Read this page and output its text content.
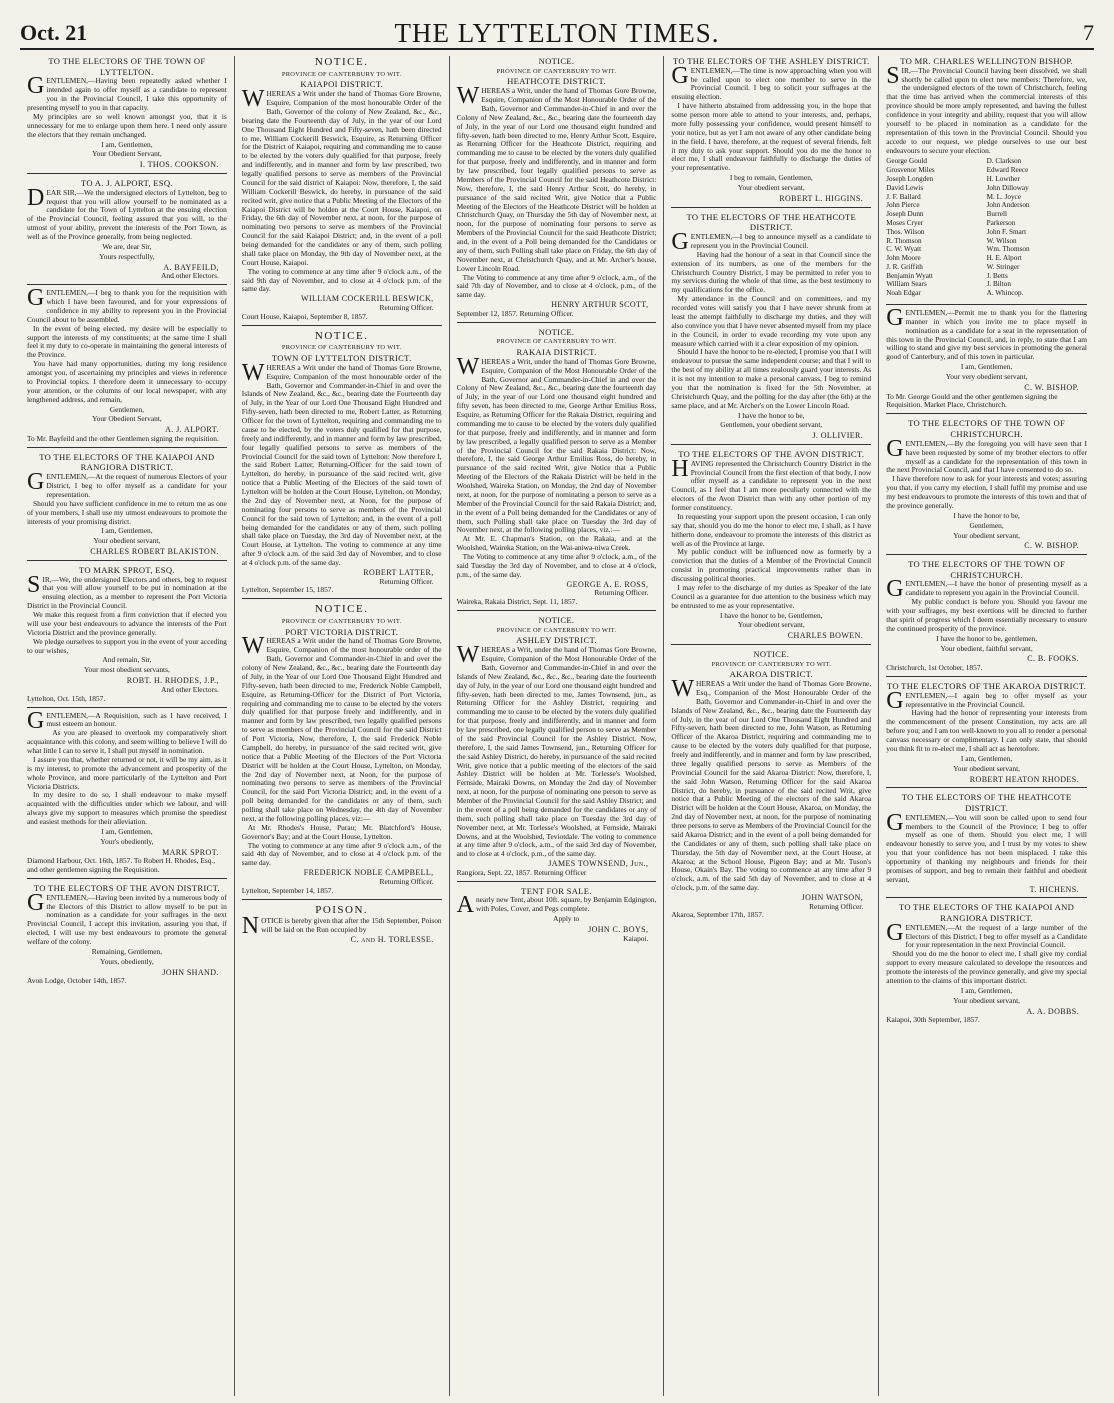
Oct. 21	THE LYTTELTON TIMES.	7
TO THE ELECTORS OF THE TOWN OF LYTTELTON.

GENTLEMEN,—Having been repeatedly asked whether I intended again to offer myself as a candidate to represent you in the Provincial Council, I take this opportunity of presenting myself to you in that capacity.

My principles are so well known amongst you, that it is unnecessary for me to enlarge upon them here. I need only assure the electors that they remain unchanged.

I am, Gentlemen,
Your Obedient Servant,
I. THOS. COOKSON.
TO A. J. ALPORT, ESQ.

DEAR SIR,—We the undersigned electors of Lyttelton, beg to request that you will allow yourself to be nominated as a candidate for the Town of Lyttelton at the ensuing election of the Provincial Council, feeling assured that you will, to the utmost of your ability, prevent the interests of the Port Town, as well as of the Province generally, from being neglected.

We are, dear Sir,
Yours respectfully,
A. BAYFEILD,
And other Electors.

GENTLEMEN,—I beg to thank you for the requisition with which I have been favoured, and for your expressions of confidence in my ability to represent you in the Provincial Council about to be assembled.

In the event of being elected, my desire will be especially to support the interests of my constituents; at the same time I shall feel it my duty to co-operate in maintaining the general interests of the Province.

You have had many opportunities, during my long residence amongst you, of ascertaining my principles and views in reference to Provincial topics. I therefore deem it unnecessary to occupy your attention, or the columns of our local newspaper, with any lengthened address, and remain,

Gentlemen,
Your Obedient Servant,
A. J. ALPORT.
To Mr. Bayfeild and the other Gentlemen signing the requisition.
TO THE ELECTORS OF THE KAIAPOI AND RANGIORA DISTRICT.

GENTLEMEN,—At the request of numerous Electors of your District, I beg to offer myself as a candidate for your representation.

Should you have sufficient confidence in me to return me as one of your members, I shall use my utmost endeavours to promote the interests of your promising district.

I am, Gentlemen,
Your obedient servant,
CHARLES ROBERT BLAKISTON.
TO MARK SPROT, ESQ.

SIR,—We, the undersigned Electors and others, beg to request that you will allow yourself to be put in nomination at the ensuing election, as a member to represent the Port Victoria District in the Provincial Council.

We make this request from a firm conviction that if elected you will use your best endeavours to advance the interests of the Port Victoria District and the province generally.

We pledge ourselves to support you in the event of your acceding to our wishes,

And remain, Sir,
Your most obedient servants,
ROBT. H. RHODES, J.P.,
And other Electors.
Lyttelton, Oct. 15th, 1857.

GENTLEMEN,—A Requisition, such as I have received, I must esteem an honour.

As you are pleased to overlook my comparatively short acquaintance with this colony, and seem willing to believe I will do what little I can to serve it, I shall put myself in nomination.

I assure you that, whether returned or not, it will be my aim, as it is my interest, to promote the advancement and prosperity of the whole Province, and more particularly of the Lyttelton and Port Victoria Districts.

In my desire to do so, I shall endeavour to make myself acquainted with the difficulties under which we labour, and will always give my support to measures which promise the speediest and easiest methods for their alleviation.

I am, Gentlemen,
Your's obediently,
MARK SPROT.
Diamond Harbour, Oct. 16th, 1857. To Robert H. Rhodes, Esq., and other gentlemen signing the Requisition.
TO THE ELECTORS OF THE AVON DISTRICT.

GENTLEMEN,—Having been invited by a numerous body of the Electors of this District to allow myself to be put in nomination as a candidate for your suffrages in the next Provincial Council, I accept this invitation, assuring you that, if elected, I will use my best endeavours to promote the general welfare of the colony.

Remaining, Gentlemen,
Yours, obediently,
JOHN SHAND.
Avon Lodge, October 14th, 1857.
NOTICE.
PROVINCE OF CANTERBURY TO WIT.
KAIAPOI DISTRICT.

WHEREAS a Writ under the hand of Thomas Gore Browne, Esquire, Companion of the most honourable Order of the Bath, Governor of the colony of New Zealand, &c., &c., bearing date the Fourteenth day of July, in the year of our Lord One Thousand Eight Hundred and Fifty-seven, hath been directed to me, William Cockerill Beswick, Esquire, as Returning Officer for the District of Kaiapoi, requiring and commanding me to cause to be elected by the voters duly qualified for that purpose, freely and indifferently, and in manner and form by law prescribed, two legally qualified persons to serve as members of the Provincial Council for the said district of Kaiapoi: Now, therefore, I, the said William Cockerill Beswick, do hereby, in pursuance of the said recited writ, give notice that a Public Meeting of the Electors of the Kaiapoi District will be holden at the Court House, Kaiapoi, on Friday, the 6th day of November next, at noon, for the purpose of nominating two persons to serve as members of the Provincial Council for the said Kaiapoi District; and, in the event of a poll being demanded for the candidates or any of them, such polling shall take place on Monday, the 9th day of November next, at the Court House, Kaiapoi.

The voting to commence at any time after 9 o'clock a.m., of the said 9th day of November, and to close at 4 o'clock p.m. of the same day.

WILLIAM COCKERILL BESWICK,
Returning Officer.
Court House, Kaiapoi, September 8, 1857.
NOTICE.
PROVINCE OF CANTERBURY TO WIT.
TOWN OF LYTTELTON DISTRICT.

WHEREAS a Writ under the hand of Thomas Gore Browne, Esquire, Companion of the most honourable order of the Bath, Governor and Commander-in-Chief in and over the Islands of New Zealand, &c., &c., bearing date the Fourteenth day of July, in the Year of our Lord One Thousand Eight Hundred and Fifty-seven, hath been directed to me, Robert Latter, as Returning Officer for the town of Lyttelton, requiring and commanding me to cause to be elected, by the voters duly qualified for that purpose, freely and indifferently, and in manner and form by law prescribed, four legally qualified persons to serve as members of the Provincial Council for the said town of Lyttelton: Now therefore I, the said Robert Latter, Returning-Officer for the said town of Lyttelton, do hereby, in pursuance of the said recited writ, give notice that a Public Meeting of the Electors of the said town of Lyttelton will be holden at the Court House, Lyttelton, on Monday, the 2nd day of November next, at Noon, for the purpose of nominating four persons to serve as members of the Provincial Council for the said town of Lyttelton; and, in the event of a poll being demanded for the candidates or any of them, such polling shall take place on Tuesday, the 3rd day of November next, at the Court House, at Lyttelton. The voting to commence at any time after 9 o'clock a.m. of the said 3rd day of November, and to close at 4 o'clock p.m. of the same day.

ROBERT LATTER,
Returning Officer.
Lyttelton, September 15, 1857.
NOTICE.
PROVINCE OF CANTERBURY TO WIT.
PORT VICTORIA DISTRICT.

WHEREAS a Writ under the hand of Thomas Gore Browne, Esquire, Companion of the most honourable order of the Bath, Governor and Commander-in-Chief in and over the colony of New Zealand, &c., &c., bearing date the Fourteenth day of July, in the Year of our Lord One Thousand Eight Hundred and Fifty-seven, hath been directed to me, Frederick Noble Campbell, Esquire, as Returning-Officer for the District of Port Victoria, requiring and commanding me to cause to be elected by the voters duly qualified for that purpose freely and indifferently, and in manner and form by law prescribed, two legally qualified persons to serve as members of the Provincial Council for the said District of Port Victoria, Now, therefore, I, the said Frederick Noble Campbell, do hereby, in pursuance of the said recited writ, give notice that a Public Meeting of the Electors of the Port Victoria District will be holden at the Court House, Lyttelton, on Monday, the 2nd day of November next, at Noon, for the purpose of nominating two persons to serve as members of the Provincial Council, for the said Port Victoria District; and, in the event of a poll being demanded for the candidates or any of them, such polling shall take place on Wednesday, the 4th day of November next, at the following polling places, viz:—

At Mr. Rhodes's House, Purau; Mr. Blatchford's House, Governor's Bay; and at the Court House, Lyttelton.

The voting to commence at any time after 9 o'clock a.m., of the said 4th day of November, and to close at 4 o'clock p.m. of the same day.

FREDERICK NOBLE CAMPBELL,
Returning Officer.
Lyttelton, September 14, 1857.
POISON.

NOTICE is hereby given that after the 15th September, Poison will be laid on the Run occupied by

C. and H. TORLESSE.
NOTICE.
PROVINCE OF CANTERBURY TO WIT.
HEATHCOTE DISTRICT.

WHEREAS a Writ, under the hand of Thomas Gore Browne, Esquire, Companion of the Most Honourable Order of the Bath, Governor and Commander-in-Chief in and over the Colony of New Zealand, &c., &c., bearing date the fourteenth day of July, in the year of our Lord one thousand eight hundred and fifty-seven, hath been directed to me, Henry Arthur Scott, Esquire, as Returning Officer for the Heathcote District, requiring and commanding me to cause to be elected by the voters duly qualified for that purpose, freely and indifferently, and in manner and form by law prescribed, four legally qualified persons to serve as Members of the Provincial Council for the said Heathcote District: Now, therefore, I, the said Henry Arthur Scott, do hereby, in pursuance of the said recited Writ, give Notice that a Public Meeting of the Electors of the Heathcote District will be holden at Christchurch Quay, on Thursday the 5th day of November next, at noon, for the purpose of nominating four persons to serve as Members of the Provincial Council for the said Heathcote District; and, in the event of a Poll being demanded for the Candidates or any of them, such Polling shall take place on Friday, the 6th day of November next, at Christchurch Quay, and at Mr. Archer's house, Lower Lincoln Road.

The Voting to commence at any time after 9 o'clock, a.m., of the said 7th day of November, and to close at 4 o'clock, p.m., of the same day.

HENRY ARTHUR SCOTT,
September 12, 1857. Returning Officer.
NOTICE.
PROVINCE OF CANTERBURY TO WIT.
RAKAIA DISTRICT.

WHEREAS a Writ, under the hand of Thomas Gore Browne, Esquire, Companion of the Most Honourable Order of the Bath, Governor and Commander-in-Chief in and over the Colony of New Zealand, &c., &c., bearing date the fourteenth day of July, in the year of our Lord one thousand eight hundred and fifty seven, has been directed to me, George Arthur Emilius Ross, Esquire, as Returning Officer for the Rakaia District, requiring and commanding me to cause to be elected by the voters duly qualified for that purpose, freely and indifferently, and in manner and form by law prescribed, a legally qualified person to serve as a Member of the Provincial Council for the said Rakaia District: Now, therefore, I, the said George Arthur Emilius Ross, do hereby, in pursuance of the said recited Writ, give Notice that a Public Meeting of the Electors of the Rakaia District will be held in the Woolshed, Waireka Station, on Monday, the 2nd day of November next, at noon, for the purpose of nominating a person to serve as a Member of the Provincial Council for the said Rakaia District; and, in the event of a Poll being demanded for the Candidates or any of them, such Polling shall take place on Tuesday the 3rd day of November next, at the following polling places, viz.:—

At Mr. E. Chapman's Station, on the Rakaia, and at the Woolshed, Waireka Station, on the Wai-aniwa-niwa Creek.

The Voting to commence at any time after 9 o'clock, a.m., of the said Tuesday the 3rd day of November, and to close at 4 o'clock, p.m., of the same day.

GEORGE A. E. ROSS,
Returning Officer.
Waireka, Rakaia District, Sept. 11, 1857.
NOTICE.
PROVINCE OF CANTERBURY TO WIT.
ASHLEY DISTRICT.

WHEREAS a Writ, under the hand of Thomas Gore Browne, Esquire, Companion of the Most Honourable Order of the Bath, Governor and Commander-in-Chief in and over the Islands of New Zealand, &c., &c., &c., bearing date the fourteenth day of July, in the year of our Lord one thousand eight hundred and fifty-seven, hath been directed to me, James Townsend, jun., as Returning Officer for the Ashley District, requiring and commanding me to cause to be elected by the voters duly qualified for that purpose, freely and indifferently, and in manner and form by law prescribed, one legally qualified person to serve as Member of the said Provincial Council for the Ashley District. Now, therefore, I, the said James Townsend, jun., Returning Officer for the said Ashley District, do hereby, in pursuance of the said recited Writ, give notice that a public meeting of the electors of the said Ashley District will be holden at Mr. Torlesse's Woolshed, Fernside, Mairaki Downs, on Monday the 2nd day of November next, at noon, for the purpose of nominating one person to serve as Member of the Provincial Council for the said Ashley District; and in the event of a poll being demanded for the candidates or any of them, such polling shall take place on Tuesday the 3rd day of November next, at Mr. Torlesse's Woolshed, at Fernside, Mairaki Downs, and at the Woolshed, Teviotdale. The voting to commence at any time after 9 o'clock, a.m., of the said 3rd day of November, and to close at 4 o'clock, p.m., of the same day.

JAMES TOWNSEND, Jun.,
Rangiora, Sept. 22, 1857. Returning Officer
TENT FOR SALE.

Anearly new Tent, about 10ft. square, by Benjamin Edgington, with Poles, Cover, and Pegs complete.

Apply to
JOHN C. BOYS,
Kaiapoi.
TO THE ELECTORS OF THE ASHLEY DISTRICT.

GENTLEMEN,—The time is now approaching when you will be called upon to elect one member to serve in the Provincial Council. I beg to solicit your suffrages at the ensuing election.

I have hitherto abstained from addressing you, in the hope that some person more able to attend to your interests, and, perhaps, more fully possessing your confidence, would present himself to your notice, but as yet I am not aware of any other candidate being in the field. I have, therefore, at the request of several friends, felt it my duty to ask your support. Should you do me the honor to elect me, I shall endeavour faithfully to discharge the duties of your representative.

I beg to remain, Gentlemen,
Your obedient servant,
ROBERT L. HIGGINS.
TO THE ELECTORS OF THE HEATHCOTE DISTRICT.

GENTLEMEN,—I beg to announce myself as a candidate to represent you in the Provincial Council.

Having had the honour of a seat in that Council since the extension of its numbers, as one of the members for the Christchurch Country District, I may be permitted to refer you to my services during the whole of that time, as the best testimony to my qualifications for the office.

My attendance in the Council and on committees, and my recorded votes will satisfy you that I have never shrunk from at least the attempt faithfully to discharge my duties, and they will also convince you that I have never absented myself from my place in the Council, in order to evade recording my vote upon any measure which carried with it a clear exposition of my opinion.

Should I have the honor to be re-elected, I promise you that I will endeavour to pursue the same independent course; and that I will to the best of my ability at all times zealously guard your interests. As it is not my intention to make a personal canvass, I beg to remind you that the nomination is fixed for the 5th November, at Christchurch Quay, and the polling for the day after (the 6th) at the same place, and at Mr. Archer's on the Lower Lincoln Road.

I have the honor to be,
Gentlemen, your obedient servant,
J. OLLIVIER.
TO THE ELECTORS OF THE AVON DISTRICT.

HAVING represented the Christchurch Country District in the Provincial Council from the first election of that body, I now offer myself as a candidate to represent you in the next Council, as I feel that I am more peculiarly connected with the electors of the Avon District than with any other portion of my former constituency.

In requesting your support upon the present occasion, I can only say that, should you do me the honor to elect me, I shall, as I have hitherto done, endeavour to promote the interests of this district as well as of the Province at large.

My public conduct will be influenced now as formerly by a conviction that the duties of a Member of the Provincial Council consist in promoting practical improvements rather than in discussing political theories.

I may refer to the discharge of my duties as Speaker of the late Council as a guarantee for due attention to the business which may be entrusted to me as your representative.

I have the honor to be, Gentlemen,
Your obedient servant,
CHARLES BOWEN.
NOTICE.
PROVINCE OF CANTERBURY TO WIT.
AKAROA DISTRICT.

WHEREAS a Writ under the hand of Thomas Gore Browne, Esq., Companion of the Most Honourable Order of the Bath, Governor and Commander-in-Chief in and over the Islands of New Zealand, &c., &c., bearing date the Fourteenth day of July, in the year of our Lord One Thousand Eight Hundred and Fifty-seven, hath been directed to me, John Watson, as Returning Officer of the Akaroa District, requiring and commanding me to cause to be elected by the voters duly qualified for that purpose, freely and indifferently, and in manner and form by law prescribed, three legally qualified persons to serve as Members of the Provincial Council for the said Akaroa District: Now, therefore, I, the said John Watson, Returning Officer for the said Akaroa District, do hereby, in pursuance of the said recited Writ, give notice that a Public Meeting of the electors of the said Akaroa District will be holden at the Court House, Akaroa, on Monday, the 2nd day of November next, at noon, for the purpose of nominating three persons to serve as Members of the Provincial Council for the said Akaroa District; and in the event of a poll being demanded for the Candidates or any of them, such polling shall take place on Thursday, the 5th day of November next, at the Court House, at Akaroa; at the School House, Pigeon Bay; and at Mr. Tuson's House, Okain's Bay. The voting to commence at any time after 9 o'clock, a.m. of the said 5th day of November, and to close at 4 o'clock, p.m. of the same day.

JOHN WATSON,
Returning Officer.
Akaroa, September 17th, 1857.
TO MR. CHARLES WELLINGTON BISHOP.

SIR,—The Provincial Council having been dissolved, we shall shortly be called upon to elect new members: Therefore, we, the undersigned electors of the town of Christchurch, feeling that the time has arrived when the commercial interests of this province should be more amply represented, and having the fullest confidence in your integrity and ability, request that you will allow yourself to be placed in nomination as a candidate for the representation of this town in the Provincial Council. Should you accede to our request, we pledge ourselves to use our best endeavours to secure your election.

George Gould
Grosvenor Miles
Joseph Longden
David Lewis
J. F. Ballard
John Pierce
Joseph Dunn
Moses Cryer
Thos. Wilson
R. Thomson
C. W. Wyatt
John Moore
J. R. Griffith
Benjamin Wyatt
William Sears
Noah Edgar
D. Clarkson
Edward Reece
H. Lowther
John Dilloway
M. L. Joyce
John Anderson
Burrell Parkerson
John F. Smart
W. Wilson
Wm. Thomson
H. E. Alport
W. Stringer
J. Betts
J. Bilton
A. Whincop.

GENTLEMEN,—Permit me to thank you for the flattering manner in which you invite me to place myself in nomination as a candidate for a seat in the representation of this town in the Provincial Council, and, in reply, to state that I am willing to stand and give my best services in promoting the general good of Canterbury, and of this town in particular.

I am, Gentlemen,
Your very obedient servant,
C. W. BISHOP.
To Mr. George Gould and the other gentlemen signing the Requisition. Market Place, Christchurch.
TO THE ELECTORS OF THE TOWN OF CHRISTCHURCH.

GENTLEMEN,—By the foregoing you will have seen that I have been requested by some of my brother electors to offer myself as a candidate for the representation of this town in the next Provincial Council, and that I have consented to do so.

I have therefore now to ask for your interests and votes; assuring you that, if you carry my election, I shall fulfil my promise and use my best endeavours to promote the interests of this town and that of the province generally.

I have the honor to be,
Gentlemen,
Your obedient servant,
C. W. BISHOP.
TO THE ELECTORS OF THE TOWN OF CHRISTCHURCH.

GENTLEMEN,—I have the honor of presenting myself as a candidate to represent you again in the Provincial Council.

My public conduct is before you. Should you favour me with your suffrages, my best exertions will be directed to further that spirit of progress which I deem essentially necessary to ensure the continued prosperity of the province.

I have the honor to be, gentlemen,
Your obedient, faithful servant,
C. B. FOOKS.
Christchurch, 1st October, 1857.
TO THE ELECTORS OF THE AKAROA DISTRICT.

GENTLEMEN,—I again beg to offer myself as your representative in the Provincial Council.

Having had the honor of representing your interests from the commencement of the present Constitution, my acts are all before you; and I am too well-known to you all to render a personal canvass necessary or complimentary. I can only state, that should you think fit to re-elect me, I shall act as heretofore.

I am, Gentlemen,
Your obedient servant,
ROBERT HEATON RHODES.
TO THE ELECTORS OF THE HEATHCOTE DISTRICT.

GENTLEMEN,—You will soon be called upon to send four members to the Council of the Province; I beg to offer myself as one of them. Should you elect me, I will endeavour honestly to serve you, and I trust by my votes to shew you that your confidence has not been misplaced. I take this opportunity of thanking my neighbours and friends for their promises of support, and beg to remain their faithful and obedient servant,

T. HICHENS.
TO THE ELECTORS OF THE KAIAPOI AND RANGIORA DISTRICT.

GENTLEMEN,—At the request of a large number of the Electors of this District, I beg to offer myself as a Candidate for your representation in the next Provincial Council.

Should you do me the honor to elect me, I shall give my cordial support to every measure calculated to develope the resources and promote the interests of the province generally, and give my special attention to the claims of this important district.

I am, Gentlemen,
Your obedient servant,
A. A. DOBBS.
Kaiapoi, 30th September, 1857.
